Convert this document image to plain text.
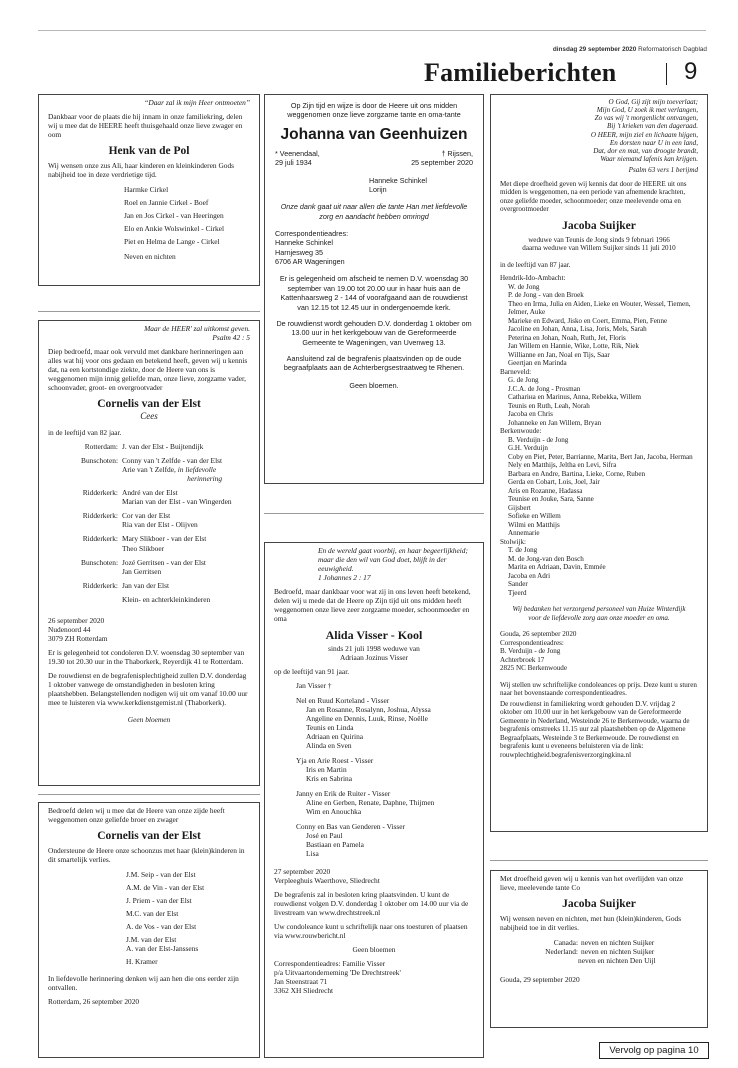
dinsdag 29 september 2020 Reformatorisch Dagblad
Familieberichten	9

“Daar zal ik mijn Heer ontmoeten”

Dankbaar voor de plaats die hij innam in onze familiekring, delen wij u mee dat de HEERE heeft thuisgehaald onze lieve zwager en oom

Henk van de Pol

Wij wensen onze zus Ali, haar kinderen en kleinkinderen Gods nabijheid toe in deze verdrietige tijd.

Harmke Cirkel
Roel en Jannie Cirkel - Boef
Jan en Jos Cirkel - van Heeringen
Elo en Ankie Wolswinkel - Cirkel
Piet en Helma de Lange - Cirkel
Neven en nichten
Maar de HEER' zal uitkomst geven.

Psalm 42 : 5

Diep bedroefd, maar ook vervuld met dankbare herinneringen aan alles wat hij voor ons gedaan en betekend heeft, geven wij u kennis dat, na een kortstondige ziekte, door de Heere van ons is weggenomen mijn innig geliefde man, onze lieve, zorgzame vader, schoonvader, groot- en overgrootvader

Cornelis van der Elst
Cees

in de leeftijd van 82 jaar.

Rotterdam: J. van der Elst - Buijtendijk
Bunschoten: Conny van 't Zelfde - van der Elst
Arie van 't Zelfde, in liefdevolle

herinnering
Ridderkerk: André van der Elst
Marian van der Elst - van Wingerden
Ridderkerk: Cor van der Elst
Ria van der Elst - Olijven
Ridderkerk: Mary Slikboer - van der Elst
Theo Slikboer
Bunschoten: Jozé Gerritsen - van der Elst
Jan Gerritsen
Ridderkerk: Jan van der Elst

Klein- en achterkleinkinderen

26 september 2020
Nudenoord 44

3079 ZH Rotterdam

Er is gelegenheid tot condoleren D.V. woensdag 30 september van 19.30 tot 20.30 uur in the Thaborkerk, Reyerdijk 41 te Rotterdam.

De rouwdienst en de begrafenisplechtigheid zullen D.V. donderdag 1 oktober vanwege de omstandigheden in besloten kring plaatshebben. Belangstellenden nodigen wij uit om vanaf 10.00 uur mee te luisteren via www.kerkdienstgemist.nl (Thaborkerk).

Geen bloemen

Bedroefd delen wij u mee dat de Heere van onze zijde heeft weggenomen onze geliefde broer en zwager

Cornelis van der Elst

Ondersteune de Heere onze schoonzus met haar (klein)kinderen in dit smartelijk verlies.

J.M. Seip - van der Elst
A.M. de Vin - van der Elst
J. Priem - van der Elst
M.C. van der Elst
A. de Vos - van der Elst
J.M. van der Elst
A. van der Elst-Janssens
H. Kramer

In liefdevolle herinnering denken wij aan hen die ons eerder zijn ontvallen.

Rotterdam, 26 september 2020

Op Zijn tijd en wijze is door de Heere uit ons midden weggenomen onze lieve zorgzame tante en oma-tante

Johanna van Geenhuizen
* Veenendaal,
29 juli 1934
† Rijssen,
25 september 2020
Hanneke Schinkel
Lorijn

Onze dank gaat uit naar allen die tante Han met liefdevolle zorg en aandacht hebben omringd

Correspondentieadres:
Hanneke Schinkel
Harnjesweg 35

6706 AR Wageningen

Er is gelegenheid om afscheid te nemen D.V. woensdag 30 september van 19.00 tot 20.00 uur in haar huis aan de Kattenhaarsweg 2 - 144 of voorafgaand aan de rouwdienst van 12.15 tot 12.45 uur in ondergenoemde kerk.

De rouwdienst wordt gehouden D.V. donderdag 1 oktober om 13.00 uur in het kerkgebouw van de Gereformeerde Gemeente te Wageningen, van Uvenweg 13.

Aansluitend zal de begrafenis plaatsvinden op de oude begraafplaats aan de Achterbergsestraatweg te Rhenen.

Geen bloemen.
En de wereld gaat voorbij, en haar begeerlijkheid; maar die den wil van God doet, blijft in der eeuwigheid.

1 Johannes 2 : 17

Bedroefd, maar dankbaar voor wat zij in ons leven heeft betekend, delen wij u mede dat de Heere op Zijn tijd uit ons midden heeft weggenomen onze lieve zeer zorgzame moeder, schoonmoeder en oma

Alida Visser - Kool
sinds 21 juli 1998 weduwe van

Adriaan Jozinus Visser

op de leeftijd van 91 jaar.

Jan Visser †
Nel en Ruud Korteland - Visser
Jan en Rosanne, Rosalynn, Joshua, Alyssa
Angeline en Dennis, Luuk, Rinse, Noëlle
Teunis en Linda
Adriaan en Quirina
Alinda en Sven
Yja en Arie Roest - Visser
Iris en Martin
Kris en Sabrina
Janny en Erik de Ruiter - Visser
Aline en Gerben, Renate, Daphne, Thijmen
Wim en Anouchka
Conny en Bas van Genderen - Visser
José en Paul
Bastiaan en Pamela
Lisa
27 september 2020

Verpleeghuis Waerthove, Sliedrecht

De begrafenis zal in besloten kring plaatsvinden. U kunt de rouwdienst volgen D.V. donderdag 1 oktober om 14.00 uur via de livestream van www.drechtstreek.nl

Uw condoleance kunt u schriftelijk naar ons toesturen of plaatsen via www.rouwbericht.nl

Geen bloemen

Correspondentieadres: Familie Visser
p/a Uitvaartonderneming 'De Drechtstreek'
Jan Steenstraat 71
3362 XH Sliedrecht
O God, Gij zijt mijn toeverlaat;
Mijn God, U zoek ik met verlangen,
Zo vas wij 't morgenlicht ontvangen,
Bij 't krieken van den dageraad.
O HEER, mijn ziel en lichaam hijgen,
En dorsten naar U in een land,
Dat, dor en mat, van droogte brandt,
Waar niemand lafenis kan krijgen.

Psalm 63 vers 1 berijmd

Met diepe droefheid geven wij kennis dat door de HEERE uit ons midden is weggenomen, na een periode van afnemende krachten, onze geliefde moeder, schoonmoeder; onze meelevende oma en overgrootmoeder

Jacoba Suijker
weduwe van Teunis de Jong sinds 9 februari 1966

daarna weduwe van Willem Suijker sinds 11 juli 2010

in de leeftijd van 87 jaar.

Hendrik-Ido-Ambacht:
W. de Jong
P. de Jong - van den Broek
Theo en Irma, Julia en Aiden, Lieke en Wouter, Wessel, Tiemen, Jelmer, Auke
Marieke en Edward, Jisko en Coert, Emma, Pien, Fenne
Jacoline en Johan, Anna, Lisa, Joris, Mels, Sarah
Peterina en Johan, Noah, Ruth, Jet, Floris
Jan Willem en Hannie, Wike, Lotte, Rik, Niek
Willianne en Jan, Noal en Tijs, Saar
Geertjan en Marinda
Barneveld:
G. de Jong
J.C.A. de Jong - Prosman
Cathariна en Marinus, Anna, Rebekka, Willem
Teunis en Ruth, Leah, Norah
Jacoba en Chris
Johanneke en Jan Willem, Bryan
Berkenwoude:
B. Verduijn - de Jong
G.H. Verduijn
Coby en Piet, Peter, Barrianne, Marita, Bert Jan, Jacoba, Herman
Nely en Matthijs, Jeltha en Levi, Sifra
Barbara en Andre, Bartina, Lieke, Corne, Ruben
Gerda en Cobart, Lois, Joel, Jair
Aris en Rozanne, Hadassa
Teunise en Jouke, Sara, Sanne
Gijsbert
Sofieke en Willem
Wilmi en Matthijs
Annemarie
Stolwijk:
T. de Jong
M. de Jong-van den Bosch
Marita en Adriaan, Davin, Emmée
Jacoba en Adri
Sander
Tjeerd

Wij bedanken het verzorgend personeel van Huize Winterdijk voor de liefdevolle zorg aan onze moeder en oma.

Gouda, 26 september 2020
Correspondentieadres:
B. Verduijn - de Jong
Achterbroek 17

2825 NC Berkenwoude

Wij stellen uw schriftelijke condoleances op prijs. Deze kunt u sturen naar het bovenstaande correspondentieadres.

De rouwdienst in familiekring wordt gehouden D.V. vrijdag 2 oktober om 10.00 uur in het kerkgebouw van de Gereformeerde Gemeente in Nederland, Westeinde 26 te Berkenwoude, waarna de begrafenis omstreeks 11.15 uur zal plaatshebben op de Algemene Begraafplaats, Westeinde 3 te Berkenwoude. De rouwdienst en begrafenis kunt u eveneens beluisteren via de link:
rouwplechtigheid.begrafenisverzorgingkina.nl

Met droefheid geven wij u kennis van het overlijden van onze lieve, meelevende tante Co

Jacoba Suijker

Wij wensen neven en nichten, met hun (klein)kinderen, Gods nabijheid toe in dit verlies.

Canada: neven en nichten Suijker
Nederland: neven en nichten Suijker
neven en nichten Den Uijl
Gouda, 29 september 2020
Vervolg op pagina 10
